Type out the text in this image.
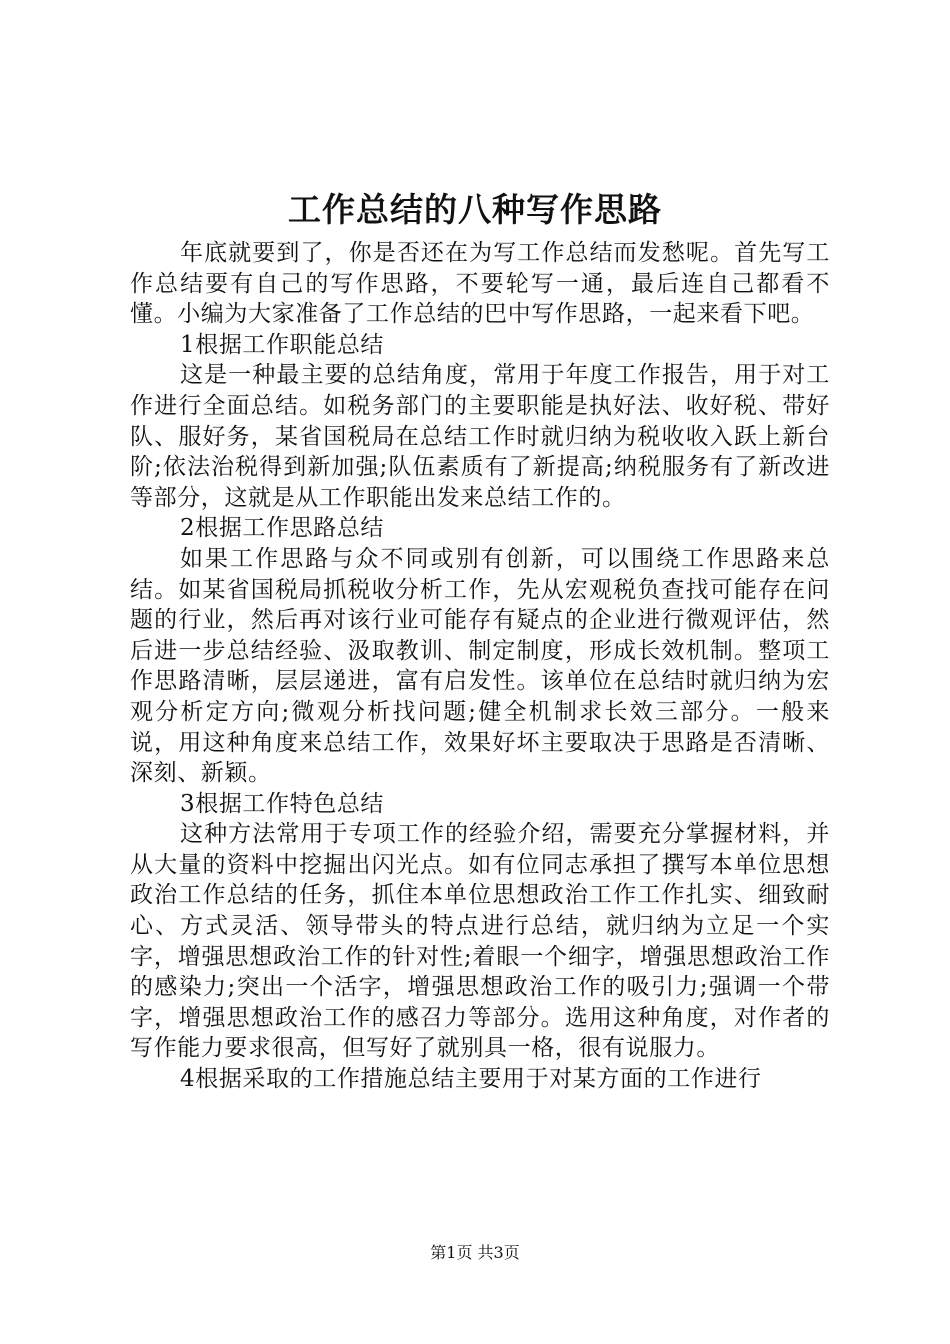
工作总结的八种写作思路

年底就要到了，你是否还在为写工作总结而发愁呢。首先写工作总结要有自己的写作思路，不要轮写一通，最后连自己都看不懂。小编为大家准备了工作总结的巴中写作思路，一起来看下吧。

1根据工作职能总结

这是一种最主要的总结角度，常用于年度工作报告，用于对工作进行全面总结。如税务部门的主要职能是执好法、收好税、带好队、服好务，某省国税局在总结工作时就归纳为税收收入跃上新台阶;依法治税得到新加强;队伍素质有了新提高;纳税服务有了新改进等部分，这就是从工作职能出发来总结工作的。

2根据工作思路总结

如果工作思路与众不同或别有创新，可以围绕工作思路来总结。如某省国税局抓税收分析工作，先从宏观税负查找可能存在问题的行业，然后再对该行业可能存有疑点的企业进行微观评估，然后进一步总结经验、汲取教训、制定制度，形成长效机制。整项工作思路清晰，层层递进，富有启发性。该单位在总结时就归纳为宏观分析定方向;微观分析找问题;健全机制求长效三部分。一般来说，用这种角度来总结工作，效果好坏主要取决于思路是否清晰、深刻、新颖。

3根据工作特色总结

这种方法常用于专项工作的经验介绍，需要充分掌握材料，并从大量的资料中挖掘出闪光点。如有位同志承担了撰写本单位思想政治工作总结的任务，抓住本单位思想政治工作工作扎实、细致耐心、方式灵活、领导带头的特点进行总结，就归纳为立足一个实字，增强思想政治工作的针对性;着眼一个细字，增强思想政治工作的感染力;突出一个活字，增强思想政治工作的吸引力;强调一个带字，增强思想政治工作的感召力等部分。选用这种角度，对作者的写作能力要求很高，但写好了就别具一格，很有说服力。

4根据采取的工作措施总结主要用于对某方面的工作进行

第1页 共3页
